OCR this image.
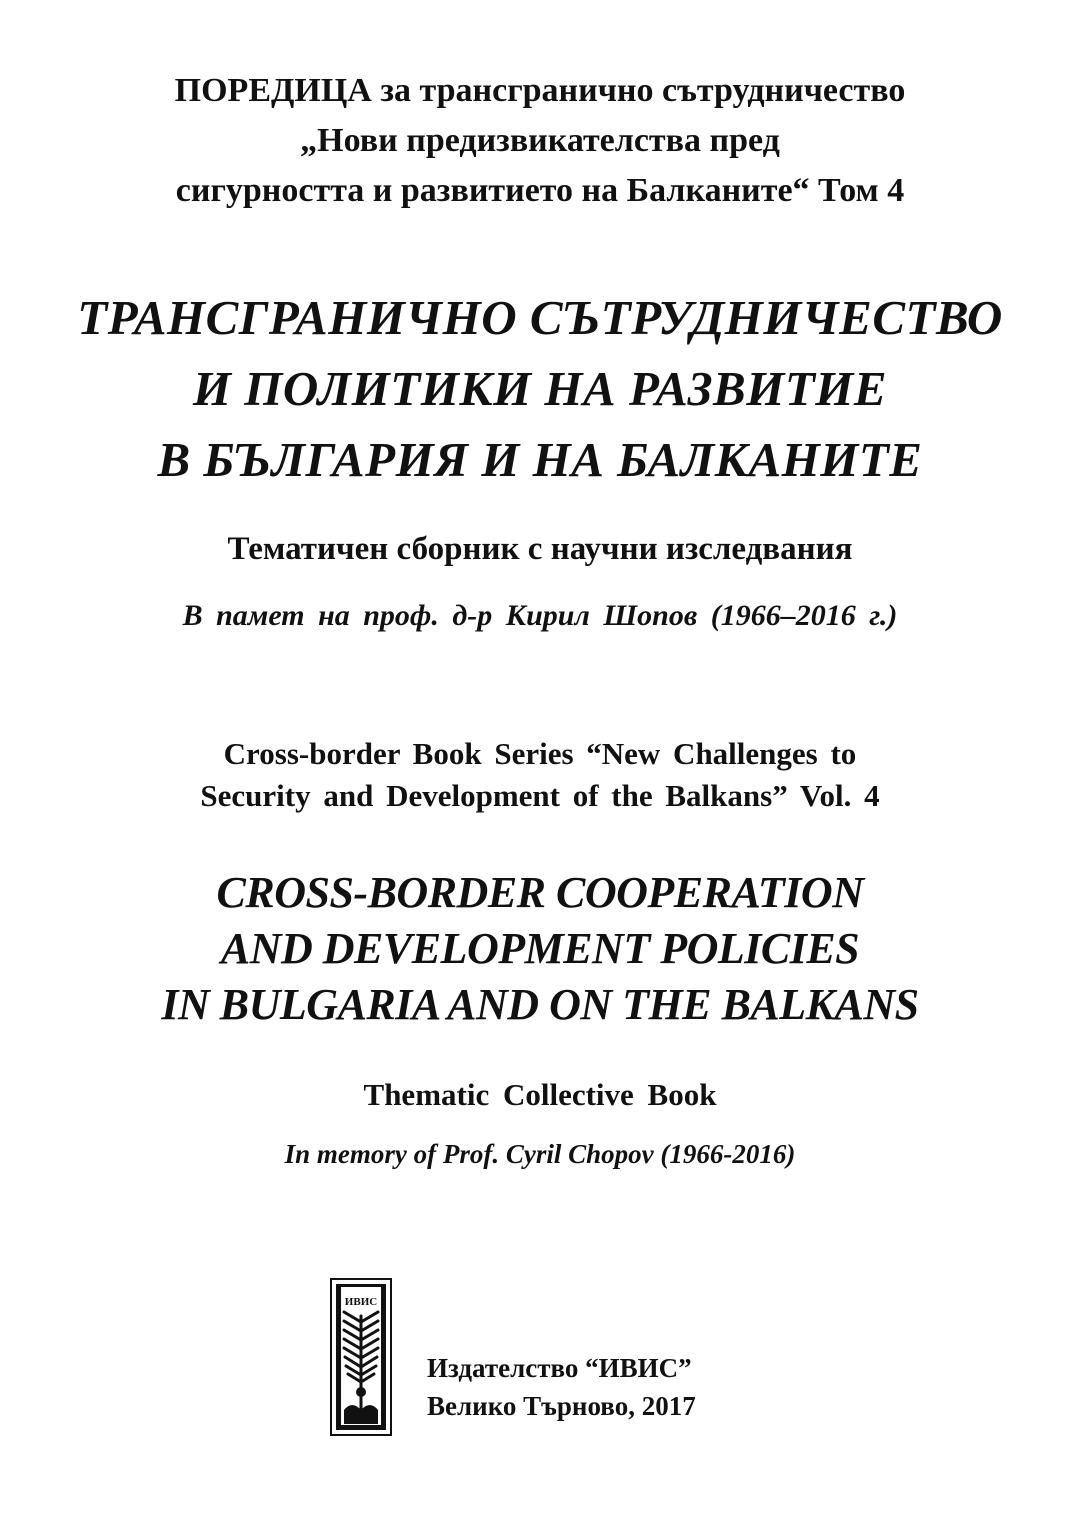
ПОРЕДИЦА за трансгранично сътрудничество
„Нови предизвикателства пред
сигурността и развитието на Балканите“ Том 4
ТРАНСГРАНИЧНО СЪТРУДНИЧЕСТВО
И ПОЛИТИКИ НА РАЗВИТИЕ
В БЪЛГАРИЯ И НА БАЛКАНИТЕ
Тематичен сборник с научни изследвания
В памет на проф. д-р Кирил Шопов (1966–2016 г.)
Cross-border Book Series “New Challenges to
Security and Development of the Balkans” Vol. 4
CROSS-BORDER COOPERATION
AND DEVELOPMENT POLICIES
IN BULGARIA AND ON THE BALKANS
Thematic Collective Book
In memory of Prof. Cyril Chopov (1966-2016)
ИВИС
Издателство “ИВИС”
Велико Търново, 2017
